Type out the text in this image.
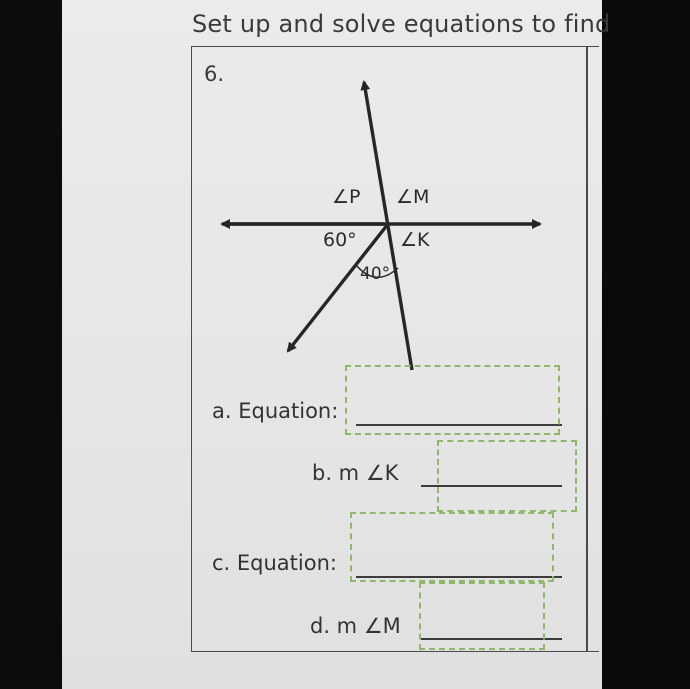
Set up and solve equations to find
6.
∠P ∠M
60° ∠K
40°
a. Equation:
b. m ∠K
c. Equation:
d. m ∠M
